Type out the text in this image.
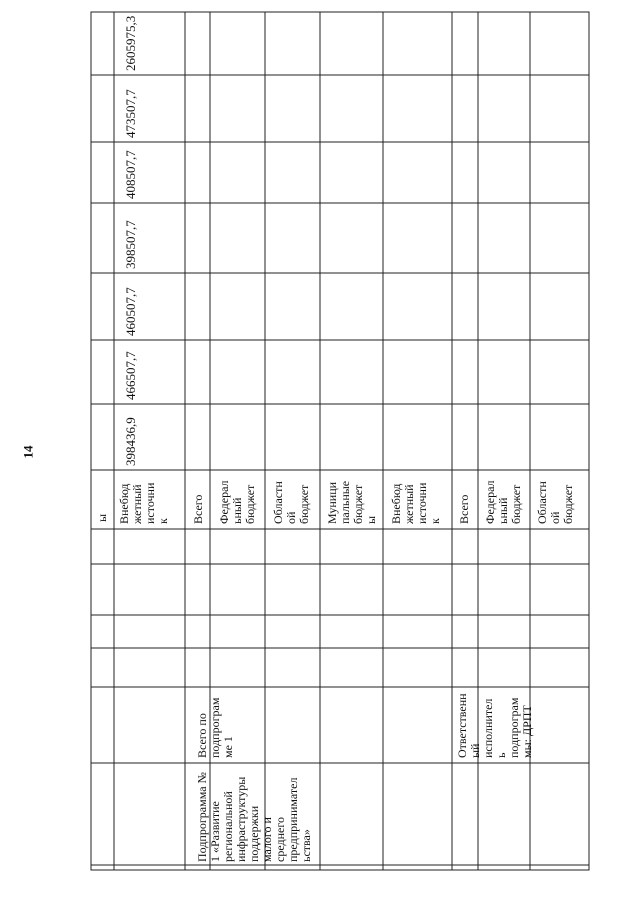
14
Подпрограмма № 1 «Развитие региональной инфраструктуры поддержки малого и среднего предпринимател ьства»
Всего по подпрограм ме 1	Ответственн ый исполнител ь подпрограм мы: ДРПТ
ы Внебюд жетный источни к Всего Федерал ьный бюджет Областн ой бюджет Муници пальные бюджет ы Внебюд жетный источни к Всего Федерал ьный бюджет Областн ой бюджет
398436,9
466507,7
460507,7
398507,7
408507,7
473507,7
2605975,3
